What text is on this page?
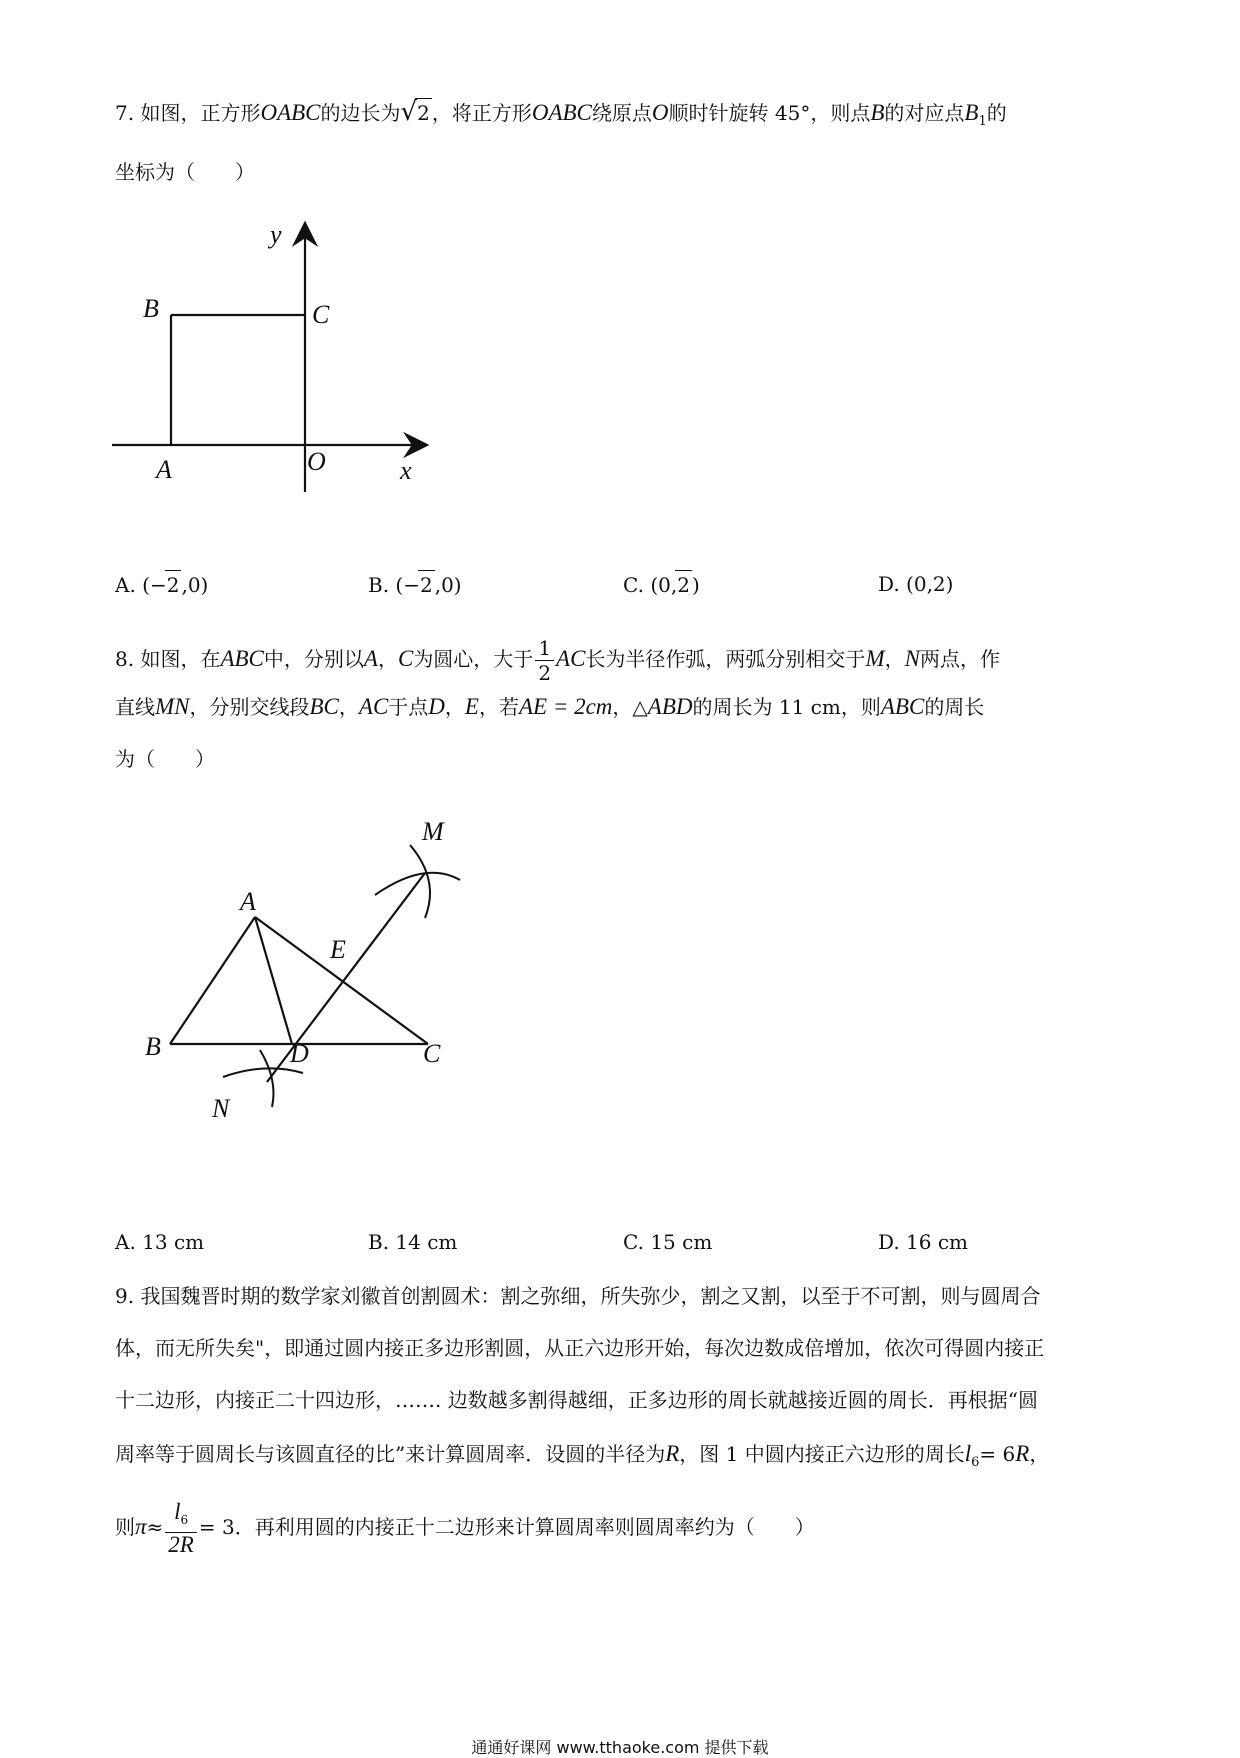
7. 如图，正方形OABC的边长为√2 ，将正方形OABC绕原点O顺时针旋转 45°，则点B的对应点$B_1$的
坐标为（　　）
y
B	C
A	O	x
A. (−2 ,0)	B. (−2 ,0)	C. (0,2 )	D. (0,2)
8. 如图，在ABC中，分别以A，C为圆心，大于 $\frac{1}{2}$ AC长为半径作弧，两弧分别相交于M，N两点，作
直线MN，分别交线段BC，AC于点D，E，若AE = 2cm，△ABD的周长为 11 cm，则ABC的周长
为（　　）
M
A
E
B	D	C
N
A. 13 cm	B. 14 cm	C. 15 cm	D. 16 cm
9. 我国魏晋时期的数学家刘徽首创割圆术：割之弥细，所失弥少，割之又割，以至于不可割，则与圆周合
体，而无所失矣"，即通过圆内接正多边形割圆，从正六边形开始，每次边数成倍增加，依次可得圆内接正
十二边形，内接正二十四边形，……. 边数越多割得越细，正多边形的周长就越接近圆的周长．再根据“圆
周率等于圆周长与该圆直径的比”来计算圆周率．设圆的半径为R，图 1 中圆内接正六边形的周长$l_6= 6R$，
则$\pi\approx \frac{l_6}{2R} = 3$．再利用圆的内接正十二边形来计算圆周率则圆周率约为（　　）
通通好课网 www.tthaoke.com 提供下载
